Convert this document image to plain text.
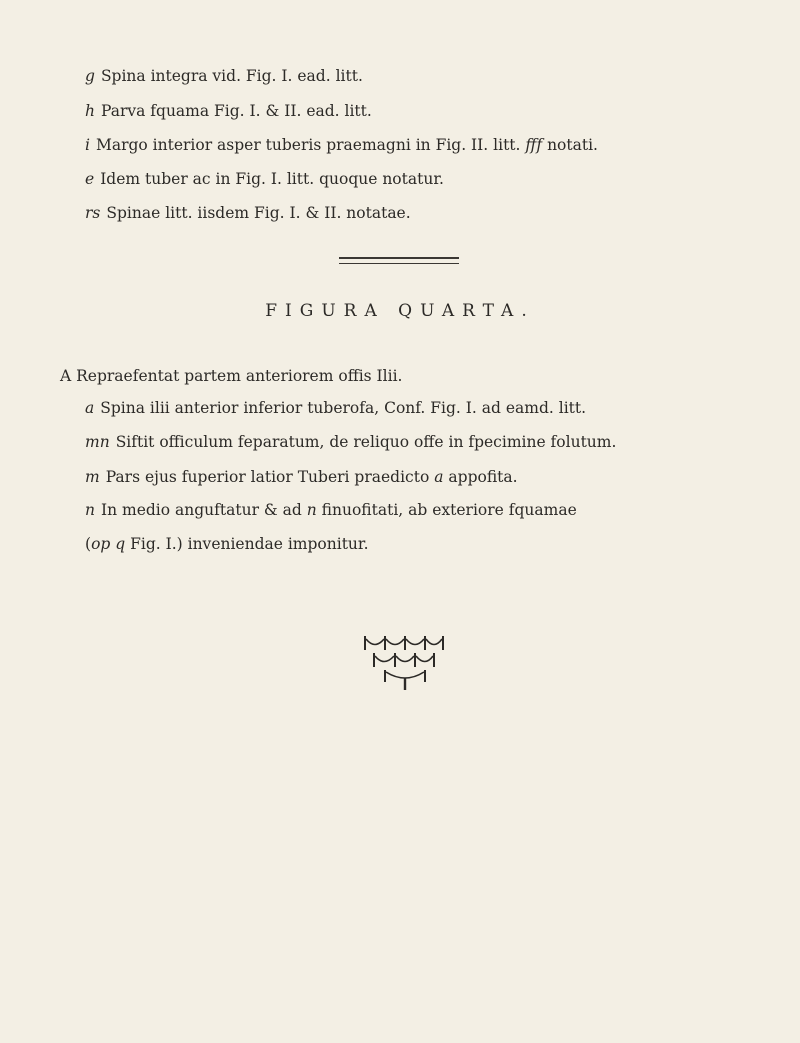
g Spina integra vid. Fig. I. ead. litt.
h Parva fquama Fig. I. & II. ead. litt.
i Margo interior asper tuberis praemagni in Fig. II. litt. fff notati.
e Idem tuber ac in Fig. I. litt. quoque notatur.
rs Spinae litt. iisdem Fig. I. & II. notatae.
FIGURA QUARTA.
A Repraefentat partem anteriorem offis Ilii.
a Spina ilii anterior inferior tuberofa, Conf. Fig. I. ad eamd. litt.
mn Siftit officulum feparatum, de reliquo offe in fpecimine folutum.
m Pars ejus fuperior latior Tuberi praedicto a appofita.
n In medio anguftatur & ad n finuofitati, ab exteriore fquamae
(op q Fig. I.) inveniendae imponitur.
